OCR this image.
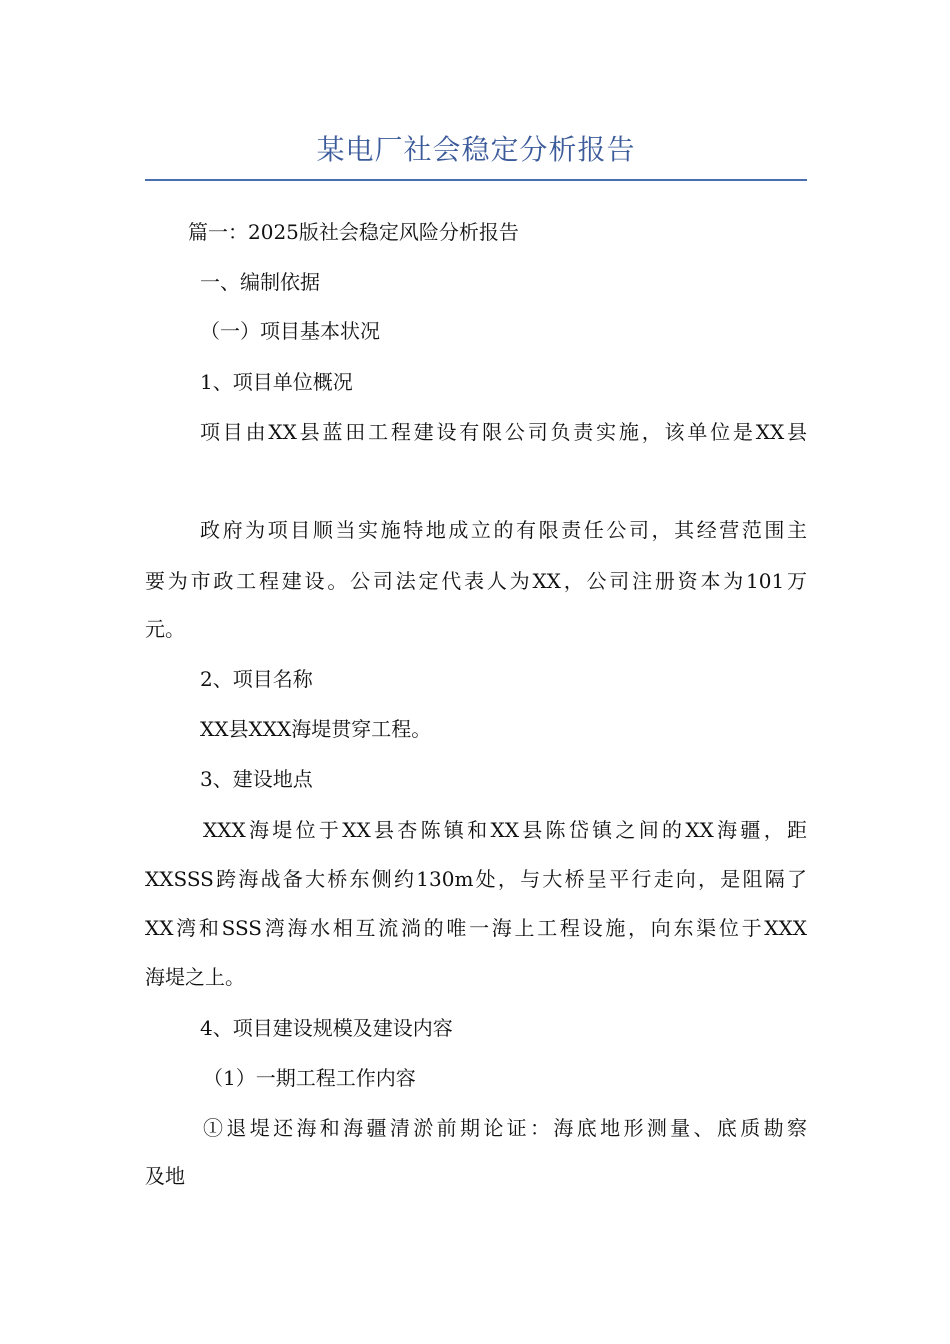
某电厂社会稳定分析报告
篇一：2025版社会稳定风险分析报告
一、编制依据
（一）项目基本状况
1、项目单位概况
项目由XX县蓝田工程建设有限公司负责实施，该单位是XX县
政府为项目顺当实施特地成立的有限责任公司，其经营范围主
要为市政工程建设。公司法定代表人为XX，公司注册资本为101万
元。
2、项目名称
XX县XXX海堤贯穿工程。
3、建设地点
XXX海堤位于XX县杏陈镇和XX县陈岱镇之间的XX海疆，距
XXSSS跨海战备大桥东侧约130m处，与大桥呈平行走向，是阻隔了
XX湾和SSS湾海水相互流淌的唯一海上工程设施，向东渠位于XXX
海堤之上。
4、项目建设规模及建设内容
（1）一期工程工作内容
①退堤还海和海疆清淤前期论证：海底地形测量、底质勘察
及地
